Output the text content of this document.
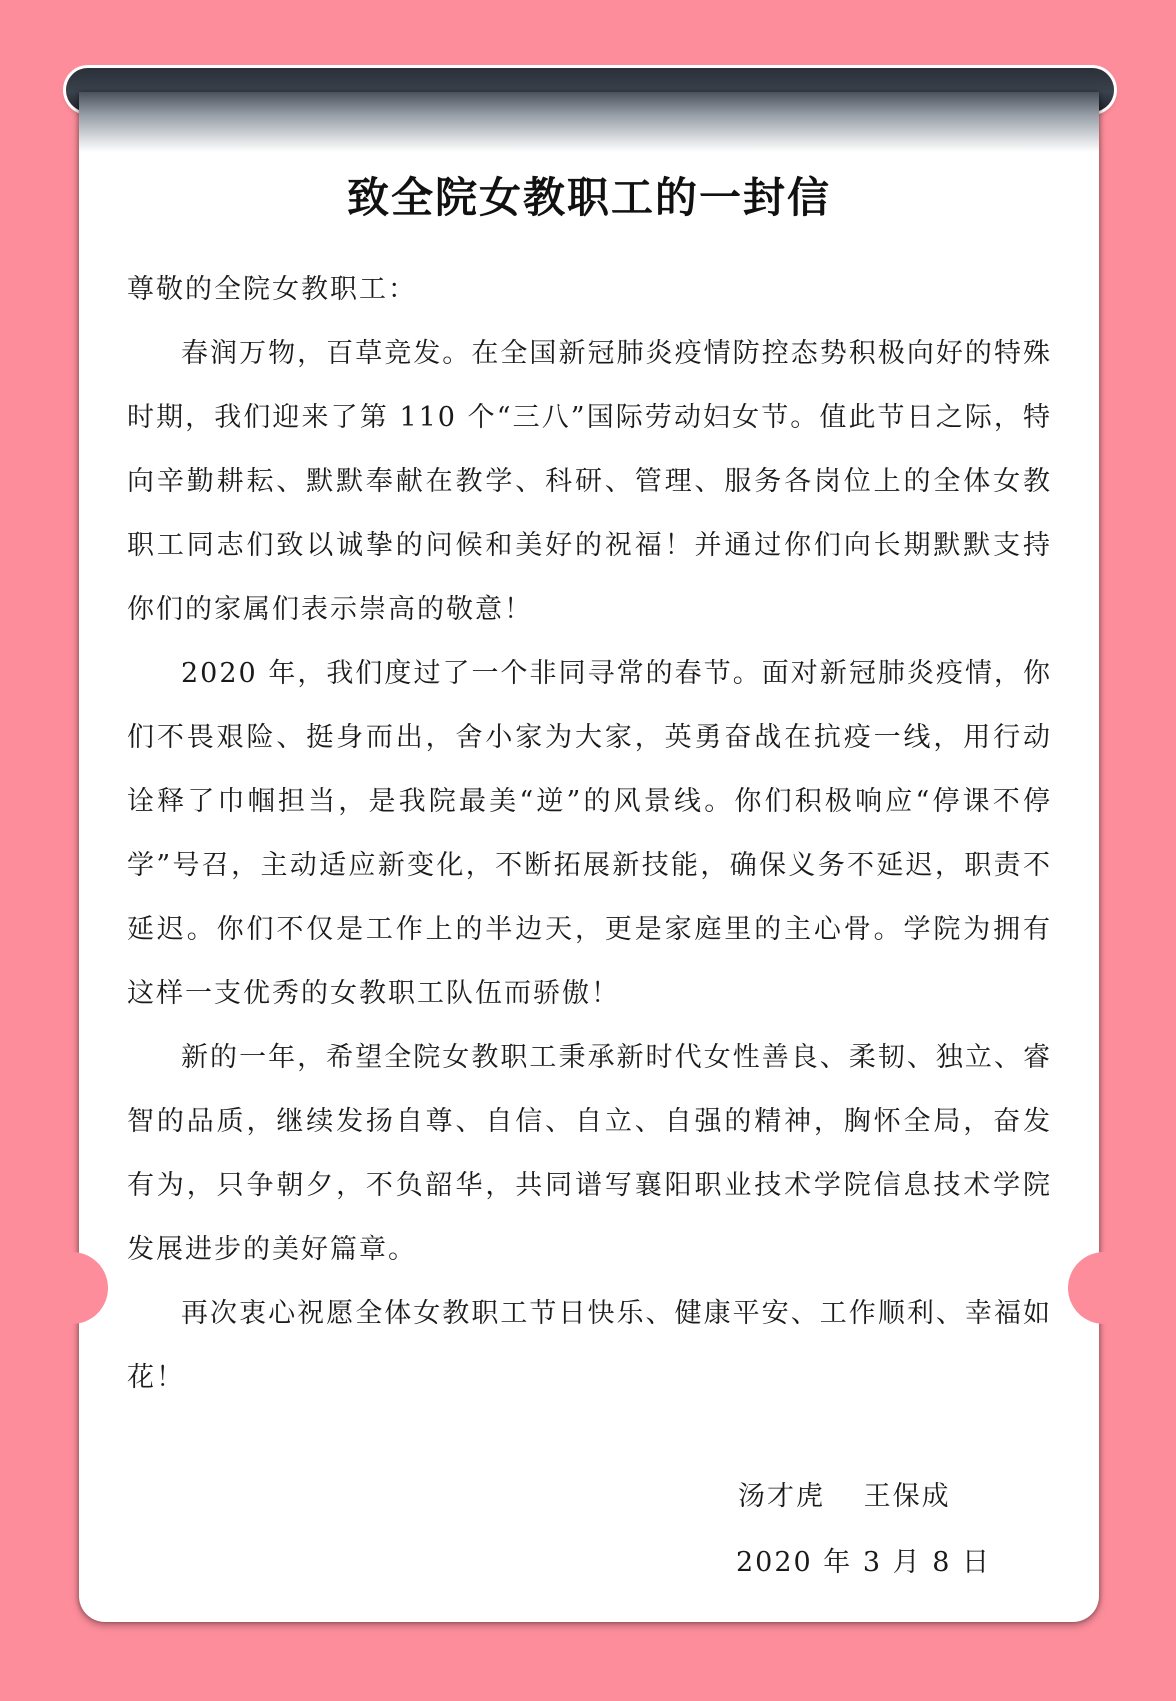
致全院女教职工的一封信

尊敬的全院女教职工：

春润万物，百草竞发。在全国新冠肺炎疫情防控态势积极向好的特殊时期，我们迎来了第 110 个“三八”国际劳动妇女节。值此节日之际，特向辛勤耕耘、默默奉献在教学、科研、管理、服务各岗位上的全体女教职工同志们致以诚挚的问候和美好的祝福！并通过你们向长期默默支持你们的家属们表示崇高的敬意！

2020 年，我们度过了一个非同寻常的春节。面对新冠肺炎疫情，你们不畏艰险、挺身而出，舍小家为大家，英勇奋战在抗疫一线，用行动诠释了巾帼担当，是我院最美“逆”的风景线。你们积极响应“停课不停学”号召，主动适应新变化，不断拓展新技能，确保义务不延迟，职责不延迟。你们不仅是工作上的半边天，更是家庭里的主心骨。学院为拥有这样一支优秀的女教职工队伍而骄傲！

新的一年，希望全院女教职工秉承新时代女性善良、柔韧、独立、睿智的品质，继续发扬自尊、自信、自立、自强的精神，胸怀全局，奋发有为，只争朝夕，不负韶华，共同谱写襄阳职业技术学院信息技术学院发展进步的美好篇章。

再次衷心祝愿全体女教职工节日快乐、健康平安、工作顺利、幸福如花！

汤才虎 王保成
2020 年 3 月 8 日
